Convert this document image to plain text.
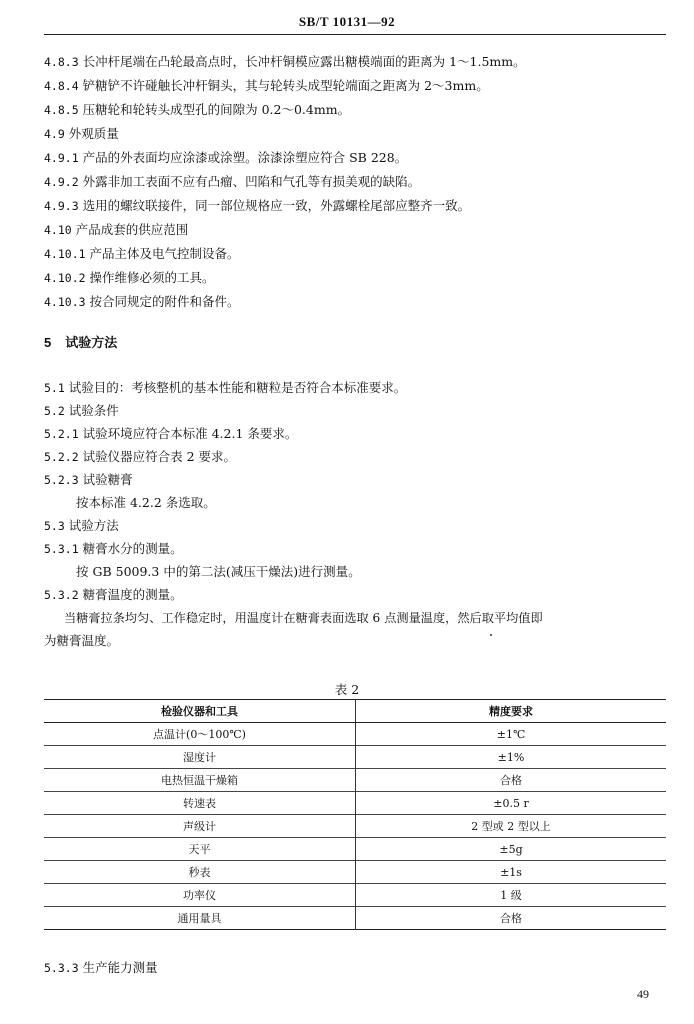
SB/T 10131—92
4.8.3 长冲杆尾端在凸轮最高点时，长冲杆铜模应露出糖模端面的距离为 1～1.5mm。
4.8.4 铲糖铲不许碰触长冲杆铜头，其与轮转头成型轮端面之距离为 2～3mm。
4.8.5 压糖轮和轮转头成型孔的间隙为 0.2～0.4mm。
4.9 外观质量
4.9.1 产品的外表面均应涂漆或涂塑。涂漆涂塑应符合 SB 228。
4.9.2 外露非加工表面不应有凸瘤、凹陷和气孔等有损美观的缺陷。
4.9.3 选用的螺纹联接件，同一部位规格应一致，外露螺栓尾部应整齐一致。
4.10 产品成套的供应范围
4.10.1 产品主体及电气控制设备。
4.10.2 操作维修必须的工具。
4.10.3 按合同规定的附件和备件。
5 试验方法
5.1 试验目的：考核整机的基本性能和糖粒是否符合本标准要求。
5.2 试验条件
5.2.1 试验环境应符合本标准 4.2.1 条要求。
5.2.2 试验仪器应符合表 2 要求。
5.2.3 试验糖膏
按本标准 4.2.2 条选取。
5.3 试验方法
5.3.1 糖膏水分的测量。
按 GB 5009.3 中的第二法(减压干燥法)进行测量。
5.3.2 糖膏温度的测量。
当糖膏拉条均匀、工作稳定时，用温度计在糖膏表面选取 6 点测量温度，然后取平均值即
为糖膏温度。
表 2
检验仪器和工具	精度要求
点温计(0～100℃)	±1℃
湿度计	±1%
电热恒温干燥箱	合格
转速表	±0.5 r
声级计	2 型或 2 型以上
天平	±5g
秒表	±1s
功率仪	1 级
通用量具	合格
5.3.3 生产能力测量
49
